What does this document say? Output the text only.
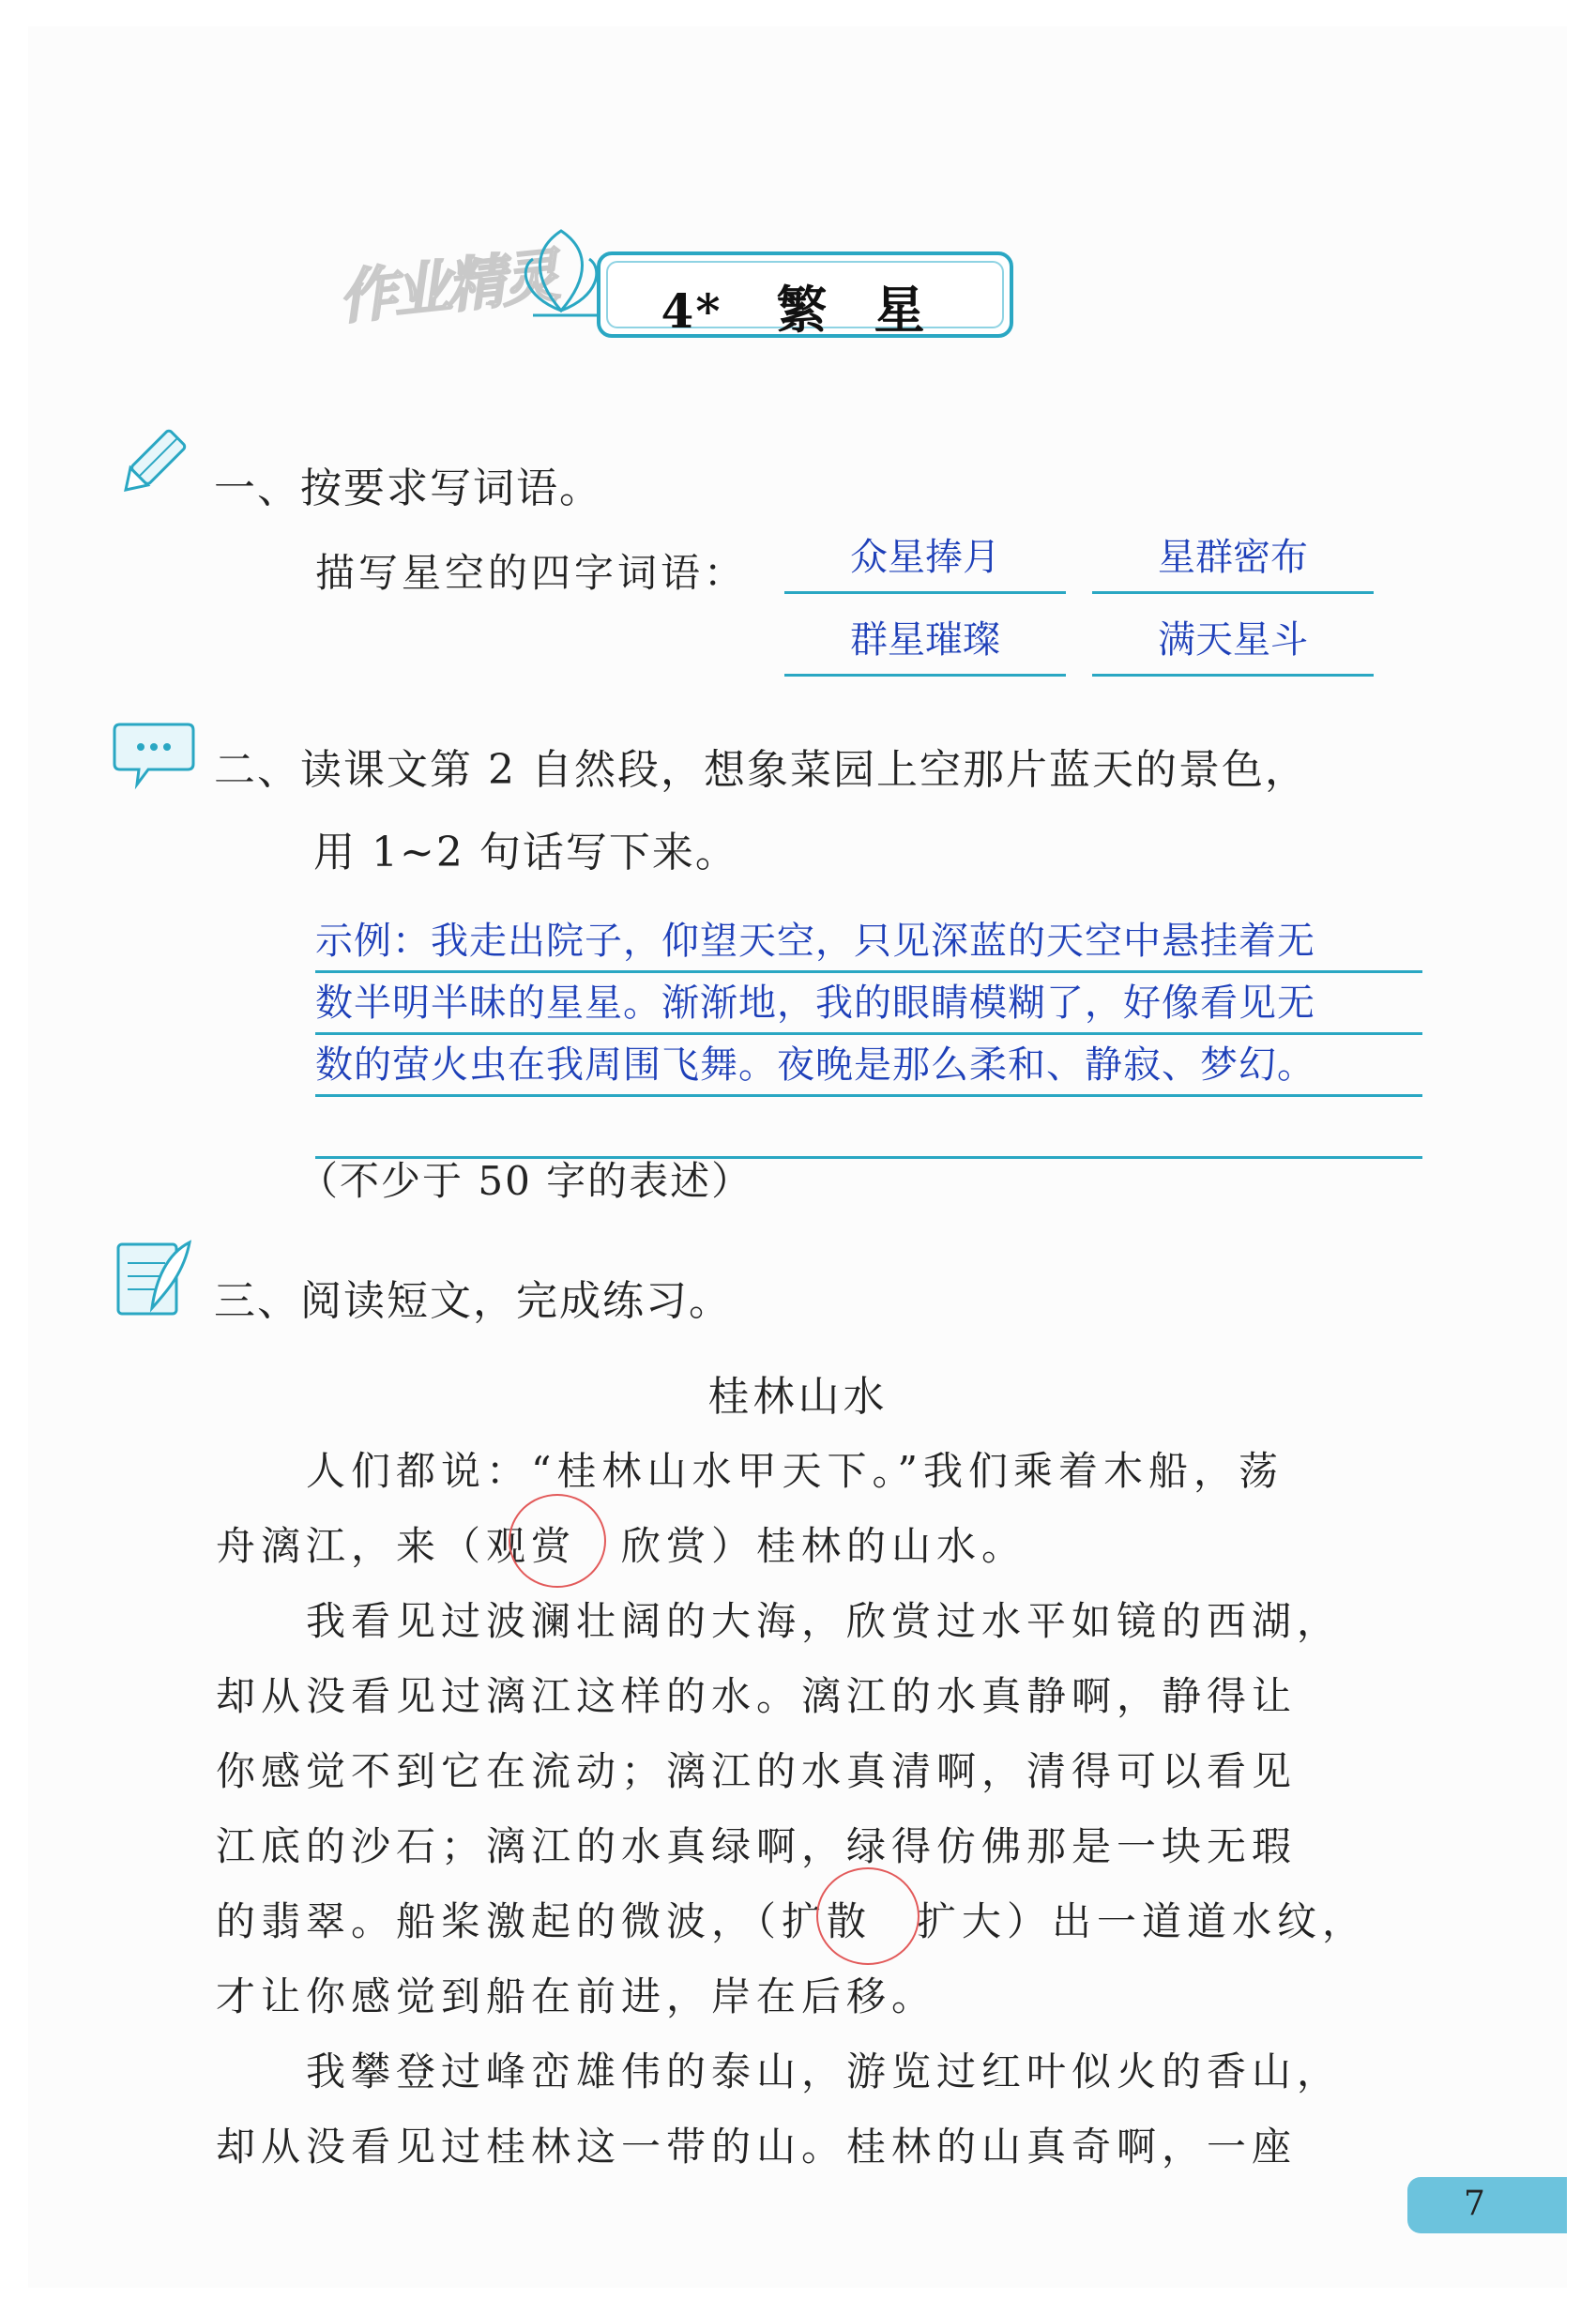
作业精灵	4* 繁 星
一、按要求写词语。
描写星空的四字词语：	众星捧月	星群密布
群星璀璨	满天星斗
二、读课文第 2 自然段，想象菜园上空那片蓝天的景色，
用 1~2 句话写下来。
示例：我走出院子，仰望天空，只见深蓝的天空中悬挂着无
数半明半昧的星星。渐渐地，我的眼睛模糊了，好像看见无
数的萤火虫在我周围飞舞。夜晚是那么柔和、静寂、梦幻。
（不少于 50 字的表述）
三、阅读短文，完成练习。
桂林山水

　　人们都说：“桂林山水甲天下。”我们乘着木船，荡

舟漓江，来（观赏　欣赏）桂林的山水。

　　我看见过波澜壮阔的大海，欣赏过水平如镜的西湖，

却从没看见过漓江这样的水。漓江的水真静啊，静得让

你感觉不到它在流动；漓江的水真清啊，清得可以看见

江底的沙石；漓江的水真绿啊，绿得仿佛那是一块无瑕

的翡翠。船桨激起的微波，（扩散　扩大）出一道道水纹，

才让你感觉到船在前进，岸在后移。

　　我攀登过峰峦雄伟的泰山，游览过红叶似火的香山，

却从没看见过桂林这一带的山。桂林的山真奇啊，一座

7
